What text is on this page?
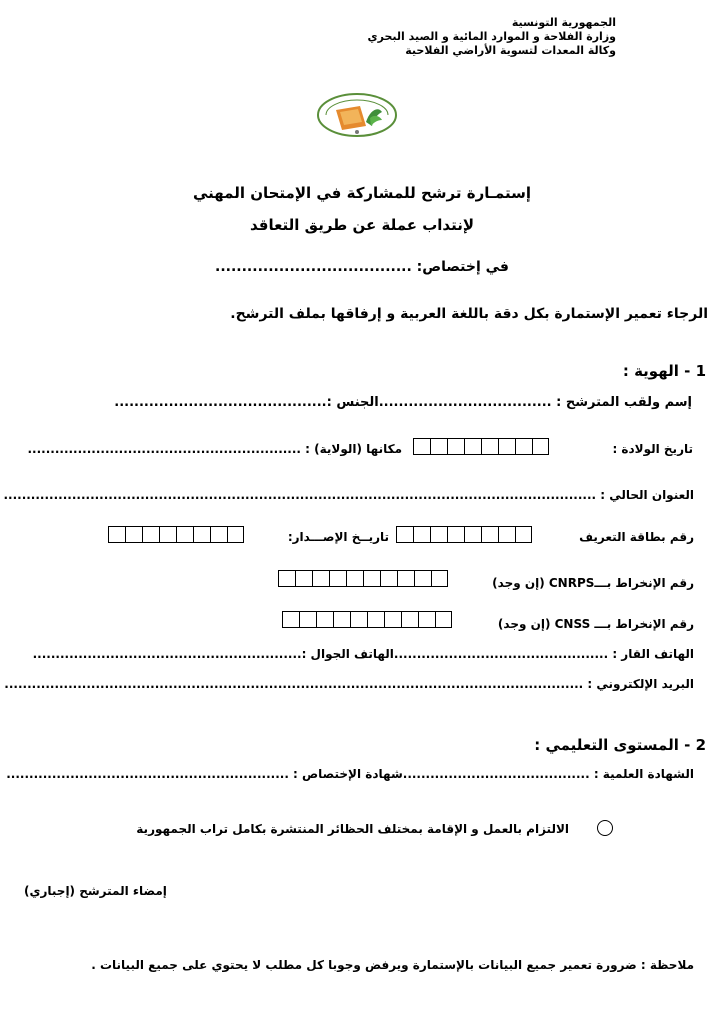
الجمهورية التونسية
وزارة الفلاحة و الموارد المائية و الصيد البحري
وكالة المعدات لتسوية الأراضي الفلاحية
إستمـارة ترشح للمشاركة في الإمتحان المهني
لإنتداب عملة عن طريق التعاقد
في إختصاص: .....................................
الرجاء تعمير الإستمارة بكل دقة باللغة العربية و إرفاقها بملف الترشح.
1 - الهوية :
إسم ولقب المترشح : ...................................الجنس :...........................................
تاريخ الولادة :
مكانها (الولاية) : ............................................................
العنوان الحالي : ..................................................................................................................................
رقم بطاقة التعريف
تاريــخ الإصـــدار:
رقم الإنخراط بـــCNRPS (إن وجد)
رقم الإنخراط بـــ CNSS (إن وجد)
الهاتف القار : ...............................................الهاتف الجوال :...........................................................
البريد الإلكتروني : ...............................................................................................................................
2 - المستوى التعليمي :
الشهادة العلمية : .........................................شهادة الإختصاص : ..............................................................
الالتزام بالعمل و الإقامة بمختلف الحظائر المنتشرة بكامل تراب الجمهورية
إمضاء المترشح (إجباري)
ملاحظة : ضرورة تعمير جميع البيانات بالإستمارة ويرفض وجوبا كل مطلب لا يحتوي على جميع البيانات .
